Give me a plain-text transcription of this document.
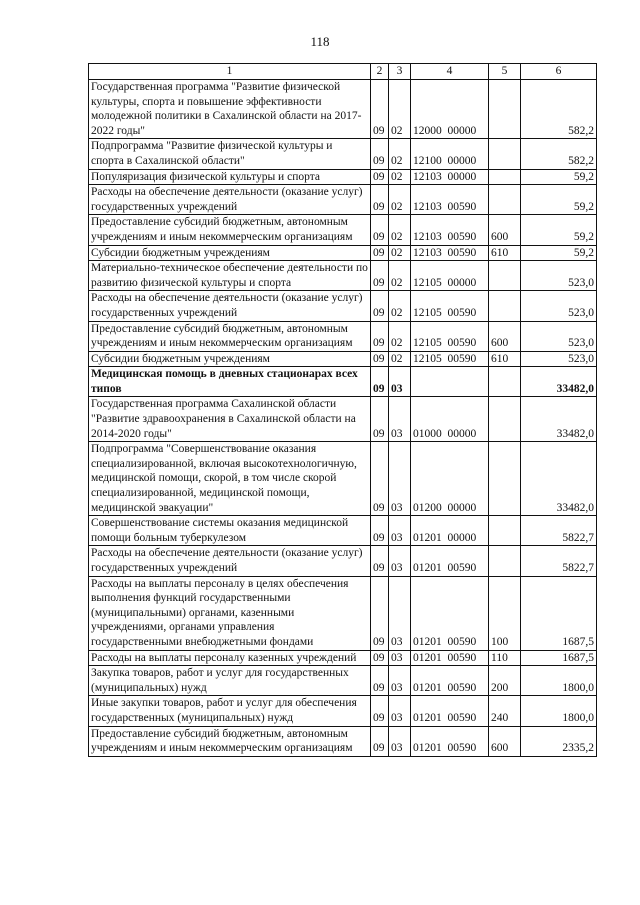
118
1	2	3	4	5	6
Государственная программа "Развитие физической культуры, спорта и повышение эффективности молодежной политики в Сахалинской области на 2017-2022 годы"	09	02	12000  00000		582,2
Подпрограмма "Развитие физической культуры и спорта в Сахалинской области"	09	02	12100  00000		582,2
Популяризация физической культуры и спорта	09	02	12103  00000		59,2
Расходы на обеспечение деятельности (оказание услуг) государственных учреждений	09	02	12103  00590		59,2
Предоставление субсидий бюджетным, автономным учреждениям и иным некоммерческим организациям	09	02	12103  00590	600	59,2
Субсидии бюджетным учреждениям	09	02	12103  00590	610	59,2
Материально-техническое обеспечение деятельности по развитию физической культуры и спорта	09	02	12105  00000		523,0
Расходы на обеспечение деятельности (оказание услуг) государственных учреждений	09	02	12105  00590		523,0
Предоставление субсидий бюджетным, автономным учреждениям и иным некоммерческим организациям	09	02	12105  00590	600	523,0
Субсидии бюджетным учреждениям	09	02	12105  00590	610	523,0
Медицинская помощь в дневных стационарах всех типов	09	03			33482,0
Государственная программа Сахалинской области "Развитие здравоохранения в Сахалинской области на 2014-2020 годы"	09	03	01000  00000		33482,0
Подпрограмма "Совершенствование оказания специализированной, включая высокотехнологичную, медицинской помощи, скорой, в том числе скорой специализированной, медицинской помощи, медицинской эвакуации"	09	03	01200  00000		33482,0
Совершенствование системы оказания медицинской помощи больным туберкулезом	09	03	01201  00000		5822,7
Расходы на обеспечение деятельности (оказание услуг) государственных учреждений	09	03	01201  00590		5822,7
Расходы на выплаты персоналу в целях обеспечения выполнения функций государственными (муниципальными) органами, казенными учреждениями, органами управления государственными внебюджетными фондами	09	03	01201  00590	100	1687,5
Расходы на выплаты персоналу казенных учреждений	09	03	01201  00590	110	1687,5
Закупка товаров, работ и услуг для государственных (муниципальных) нужд	09	03	01201  00590	200	1800,0
Иные закупки товаров, работ и услуг для обеспечения государственных (муниципальных) нужд	09	03	01201  00590	240	1800,0
Предоставление субсидий бюджетным, автономным учреждениям и иным некоммерческим организациям	09	03	01201  00590	600	2335,2
